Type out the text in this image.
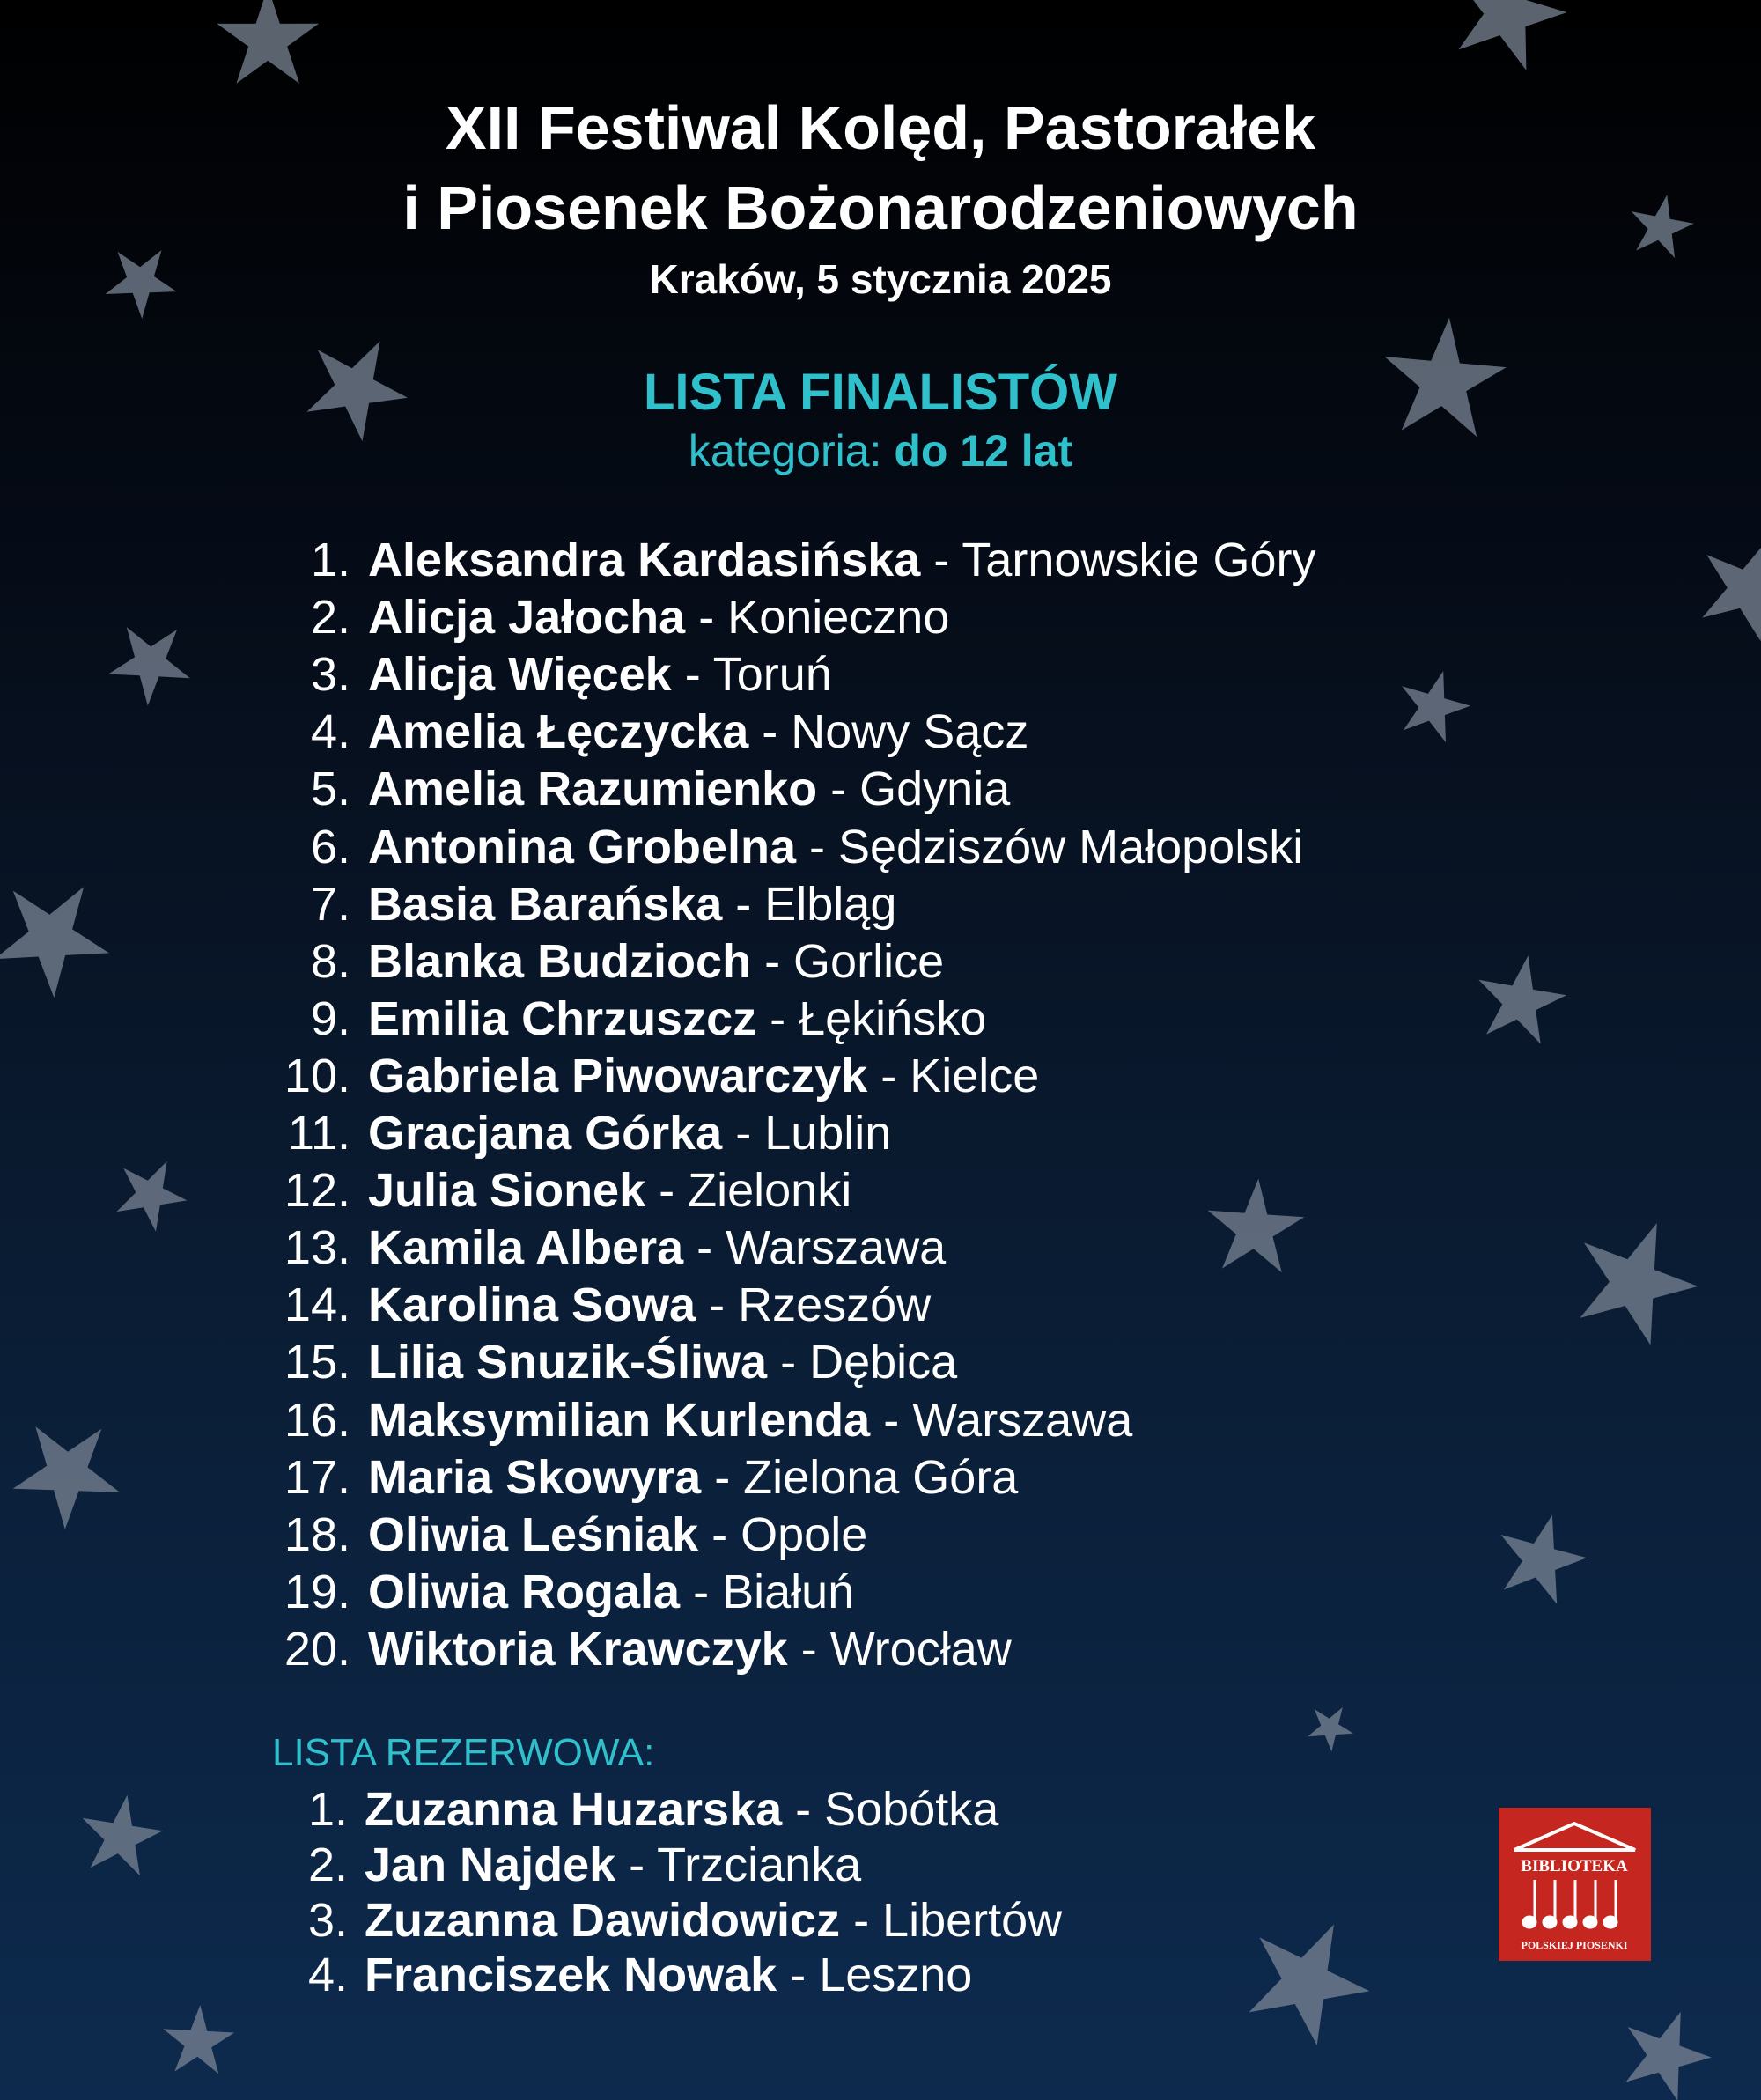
XII Festiwal Kolęd, Pastorałek
i Piosenek Bożonarodzeniowych
Kraków, 5 stycznia 2025
LISTA FINALISTÓW
kategoria: do 12 lat
1. Aleksandra Kardasińska - Tarnowskie Góry
2. Alicja Jałocha - Konieczno
3. Alicja Więcek - Toruń
4. Amelia Łęczycka - Nowy Sącz
5. Amelia Razumienko - Gdynia
6. Antonina Grobelna - Sędziszów Małopolski
7. Basia Barańska - Elbląg
8. Blanka Budzioch - Gorlice
9. Emilia Chrzuszcz - Łękińsko
10. Gabriela Piwowarczyk - Kielce
11. Gracjana Górka - Lublin
12. Julia Sionek - Zielonki
13. Kamila Albera - Warszawa
14. Karolina Sowa - Rzeszów
15. Lilia Snuzik-Śliwa - Dębica
16. Maksymilian Kurlenda - Warszawa
17. Maria Skowyra - Zielona Góra
18. Oliwia Leśniak - Opole
19. Oliwia Rogala - Białuń
20. Wiktoria Krawczyk - Wrocław
LISTA REZERWOWA:
1. Zuzanna Huzarska - Sobótka
2. Jan Najdek - Trzcianka
3. Zuzanna Dawidowicz - Libertów
4. Franciszek Nowak - Leszno
BIBLIOTEKA
POLSKIEJ PIOSENKI
